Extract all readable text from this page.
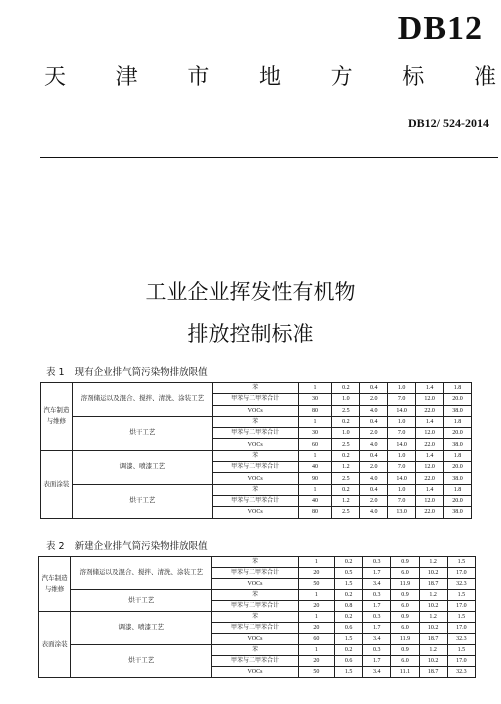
DB12
天 津 市 地 方 标 准
DB12/ 524-2014
工业企业挥发性有机物
排放控制标准
表 1 现有企业排气筒污染物排放限值
汽车制造与维修	溶剂储运以及混合、搅拌、清洗、涂装工艺	苯	1	0.2	0.4	1.0	1.4	1.8
		甲苯与二甲苯合计	30	1.0	2.0	7.0	12.0	20.0
		VOCs	80	2.5	4.0	14.0	22.0	38.0
	烘干工艺	苯	1	0.2	0.4	1.0	1.4	1.8
		甲苯与二甲苯合计	30	1.0	2.0	7.0	12.0	20.0
		VOCs	60	2.5	4.0	14.0	22.0	38.0
表面涂装	调漆、喷漆工艺	苯	1	0.2	0.4	1.0	1.4	1.8
		甲苯与二甲苯合计	40	1.2	2.0	7.0	12.0	20.0
		VOCs	90	2.5	4.0	14.0	22.0	38.0
	烘干工艺	苯	1	0.2	0.4	1.0	1.4	1.8
		甲苯与二甲苯合计	40	1.2	2.0	7.0	12.0	20.0
		VOCs	80	2.5	4.0	13.0	22.0	38.0
表 2 新建企业排气筒污染物排放限值
汽车制造与维修	溶剂储运以及混合、搅拌、清洗、涂装工艺	苯	1	0.2	0.3	0.9	1.2	1.5
		甲苯与二甲苯合计	20	0.5	1.7	6.0	10.2	17.0
		VOCs	50	1.5	3.4	11.9	18.7	32.3
	烘干工艺	苯	1	0.2	0.3	0.9	1.2	1.5
		甲苯与二甲苯合计	20	0.8	1.7	6.0	10.2	17.0
表面涂装	调漆、喷漆工艺	苯	1	0.2	0.3	0.9	1.2	1.5
		甲苯与二甲苯合计	20	0.6	1.7	6.0	10.2	17.0
		VOCs	60	1.5	3.4	11.9	18.7	32.3
	烘干工艺	苯	1	0.2	0.3	0.9	1.2	1.5
		甲苯与二甲苯合计	20	0.6	1.7	6.0	10.2	17.0
		VOCs	50	1.5	3.4	11.1	18.7	32.3
